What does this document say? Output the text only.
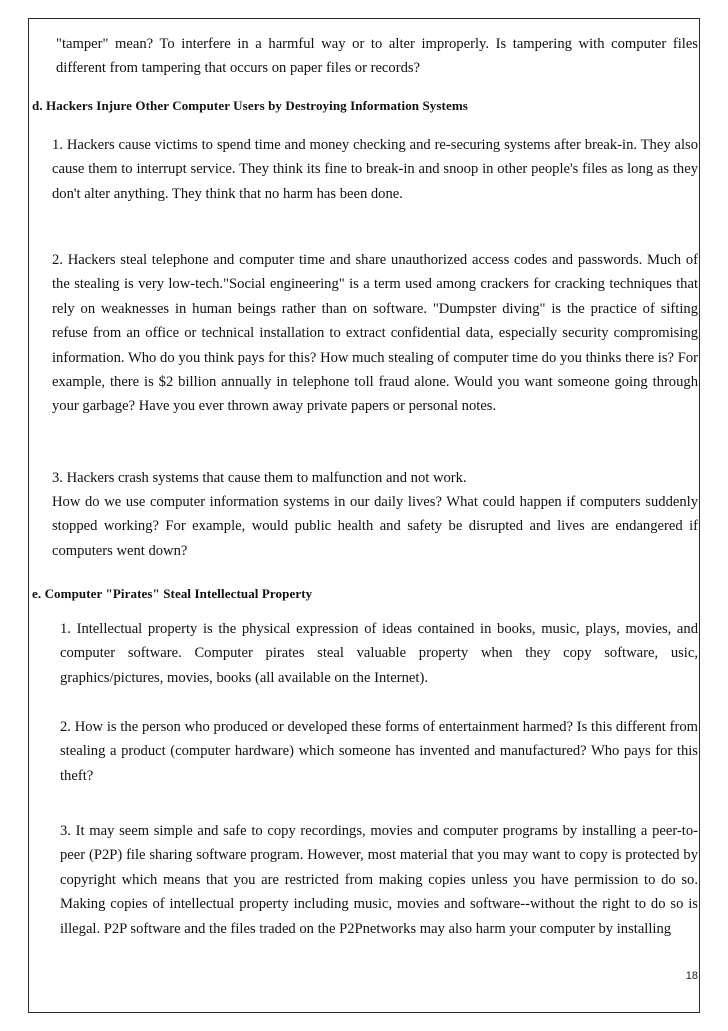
"tamper" mean? To interfere in a harmful way or to alter improperly. Is tampering with computer files different from tampering that occurs on paper files or records?

d. Hackers Injure Other Computer Users by Destroying Information Systems

1. Hackers cause victims to spend time and money checking and re-securing systems after break-in. They also cause them to interrupt service. They think its fine to break-in and snoop in other people's files as long as they don't alter anything. They think that no harm has been done.

2. Hackers steal telephone and computer time and share unauthorized access codes and passwords. Much of the stealing is very low-tech."Social engineering" is a term used among crackers for cracking techniques that rely on weaknesses in human beings rather than on software. "Dumpster diving" is the practice of sifting refuse from an office or technical installation to extract confidential data, especially security compromising information. Who do you think pays for this? How much stealing of computer time do you thinks there is? For example, there is $2 billion annually in telephone toll fraud alone. Would you want someone going through your garbage? Have you ever thrown away private papers or personal notes.

3. Hackers crash systems that cause them to malfunction and not work.

How do we use computer information systems in our daily lives? What could happen if computers suddenly stopped working? For example, would public health and safety be disrupted and lives are endangered if computers went down?

e. Computer "Pirates" Steal Intellectual Property

1. Intellectual property is the physical expression of ideas contained in books, music, plays, movies, and computer software. Computer pirates steal valuable property when they copy software, usic, graphics/pictures, movies, books (all available on the Internet).

2. How is the person who produced or developed these forms of entertainment harmed? Is this different from stealing a product (computer hardware) which someone has invented and manufactured? Who pays for this theft?

3. It may seem simple and safe to copy recordings, movies and computer programs by installing a peer-to-peer (P2P) file sharing software program. However, most material that you may want to copy is protected by copyright which means that you are restricted from making copies unless you have permission to do so. Making copies of intellectual property including music, movies and software--without the right to do so is illegal. P2P software and the files traded on the P2Pnetworks may also harm your computer by installing

18
